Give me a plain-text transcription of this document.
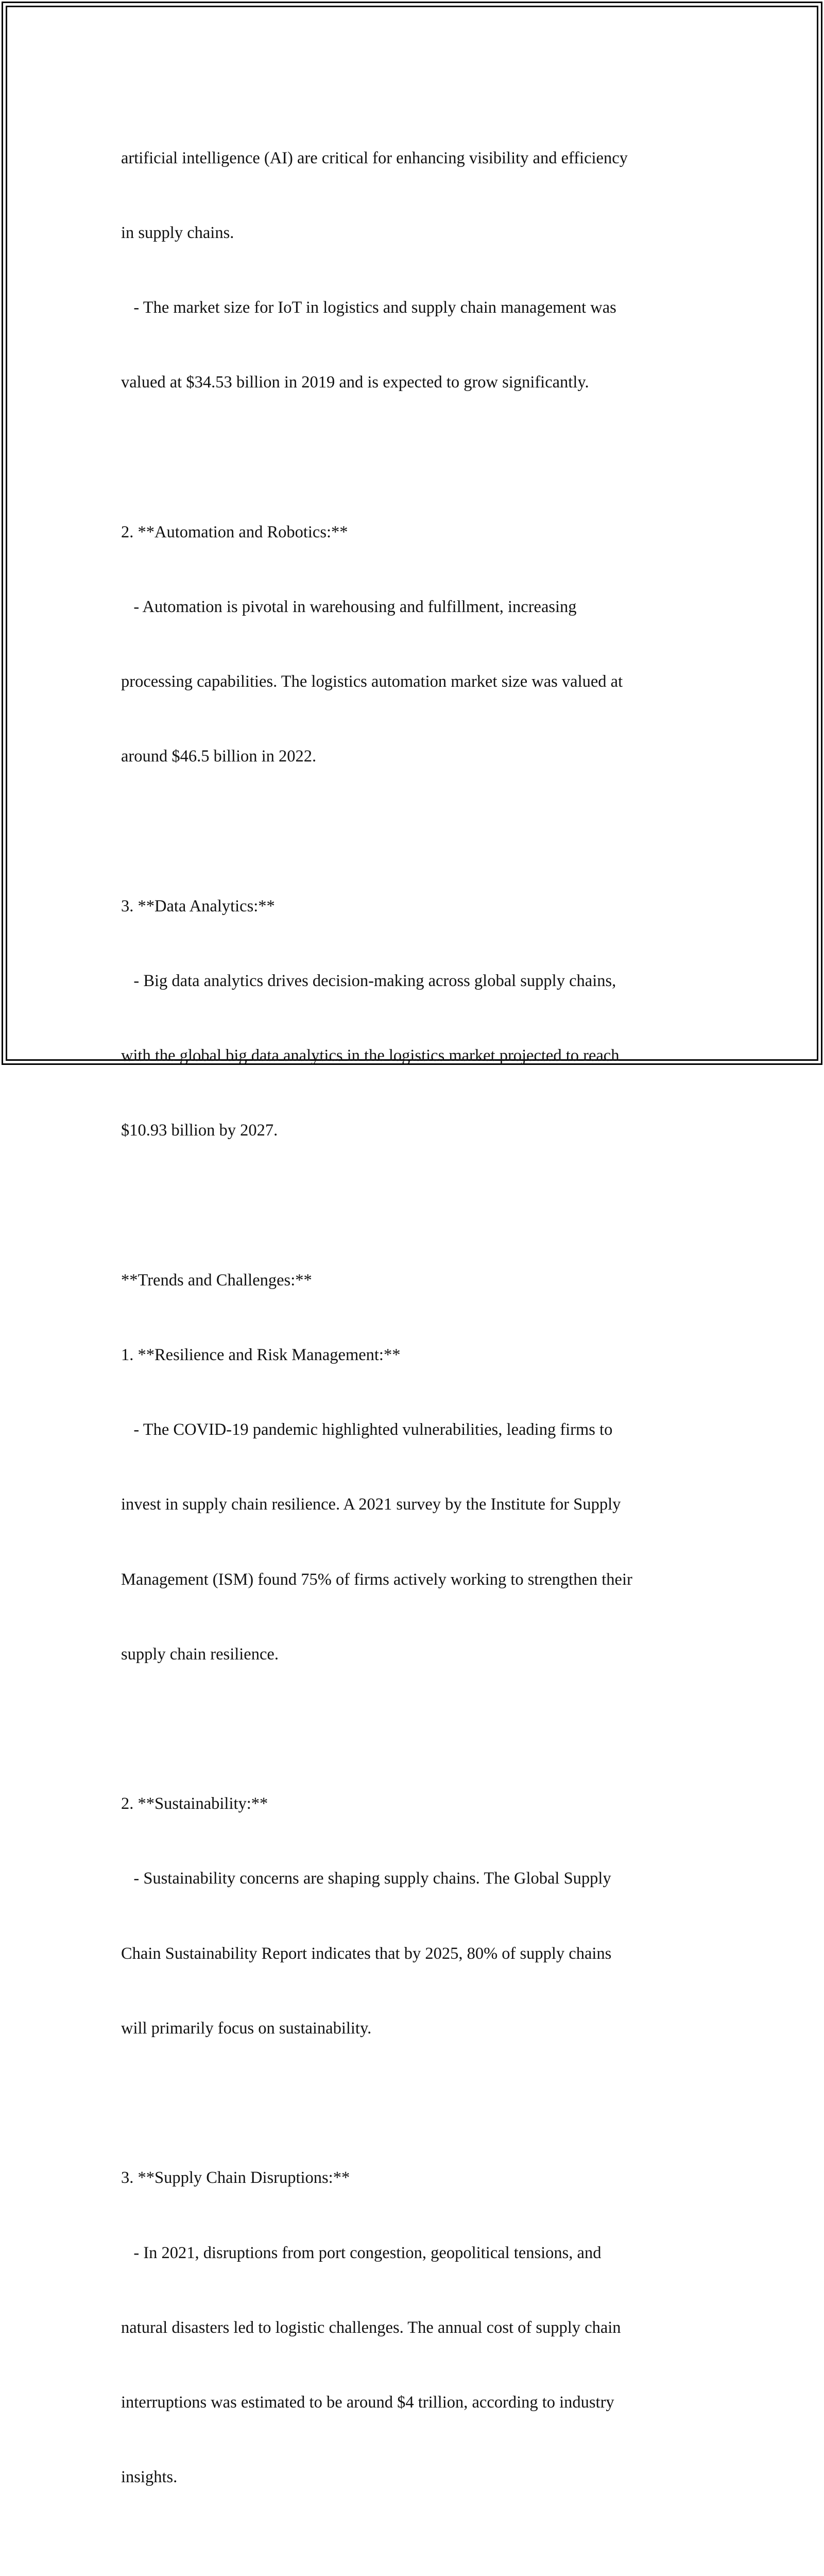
artificial intelligence (AI) are critical for enhancing visibility and efficiency

in supply chains.

- The market size for IoT in logistics and supply chain management was

valued at $34.53 billion in 2019 and is expected to grow significantly.

2. **Automation and Robotics:**

- Automation is pivotal in warehousing and fulfillment, increasing

processing capabilities. The logistics automation market size was valued at

around $46.5 billion in 2022.

3. **Data Analytics:**

- Big data analytics drives decision-making across global supply chains,

with the global big data analytics in the logistics market projected to reach

$10.93 billion by 2027.

**Trends and Challenges:**

1. **Resilience and Risk Management:**

- The COVID-19 pandemic highlighted vulnerabilities, leading firms to

invest in supply chain resilience. A 2021 survey by the Institute for Supply

Management (ISM) found 75% of firms actively working to strengthen their

supply chain resilience.

2. **Sustainability:**

- Sustainability concerns are shaping supply chains. The Global Supply

Chain Sustainability Report indicates that by 2025, 80% of supply chains

will primarily focus on sustainability.

3. **Supply Chain Disruptions:**

- In 2021, disruptions from port congestion, geopolitical tensions, and

natural disasters led to logistic challenges. The annual cost of supply chain

interruptions was estimated to be around $4 trillion, according to industry

insights.
